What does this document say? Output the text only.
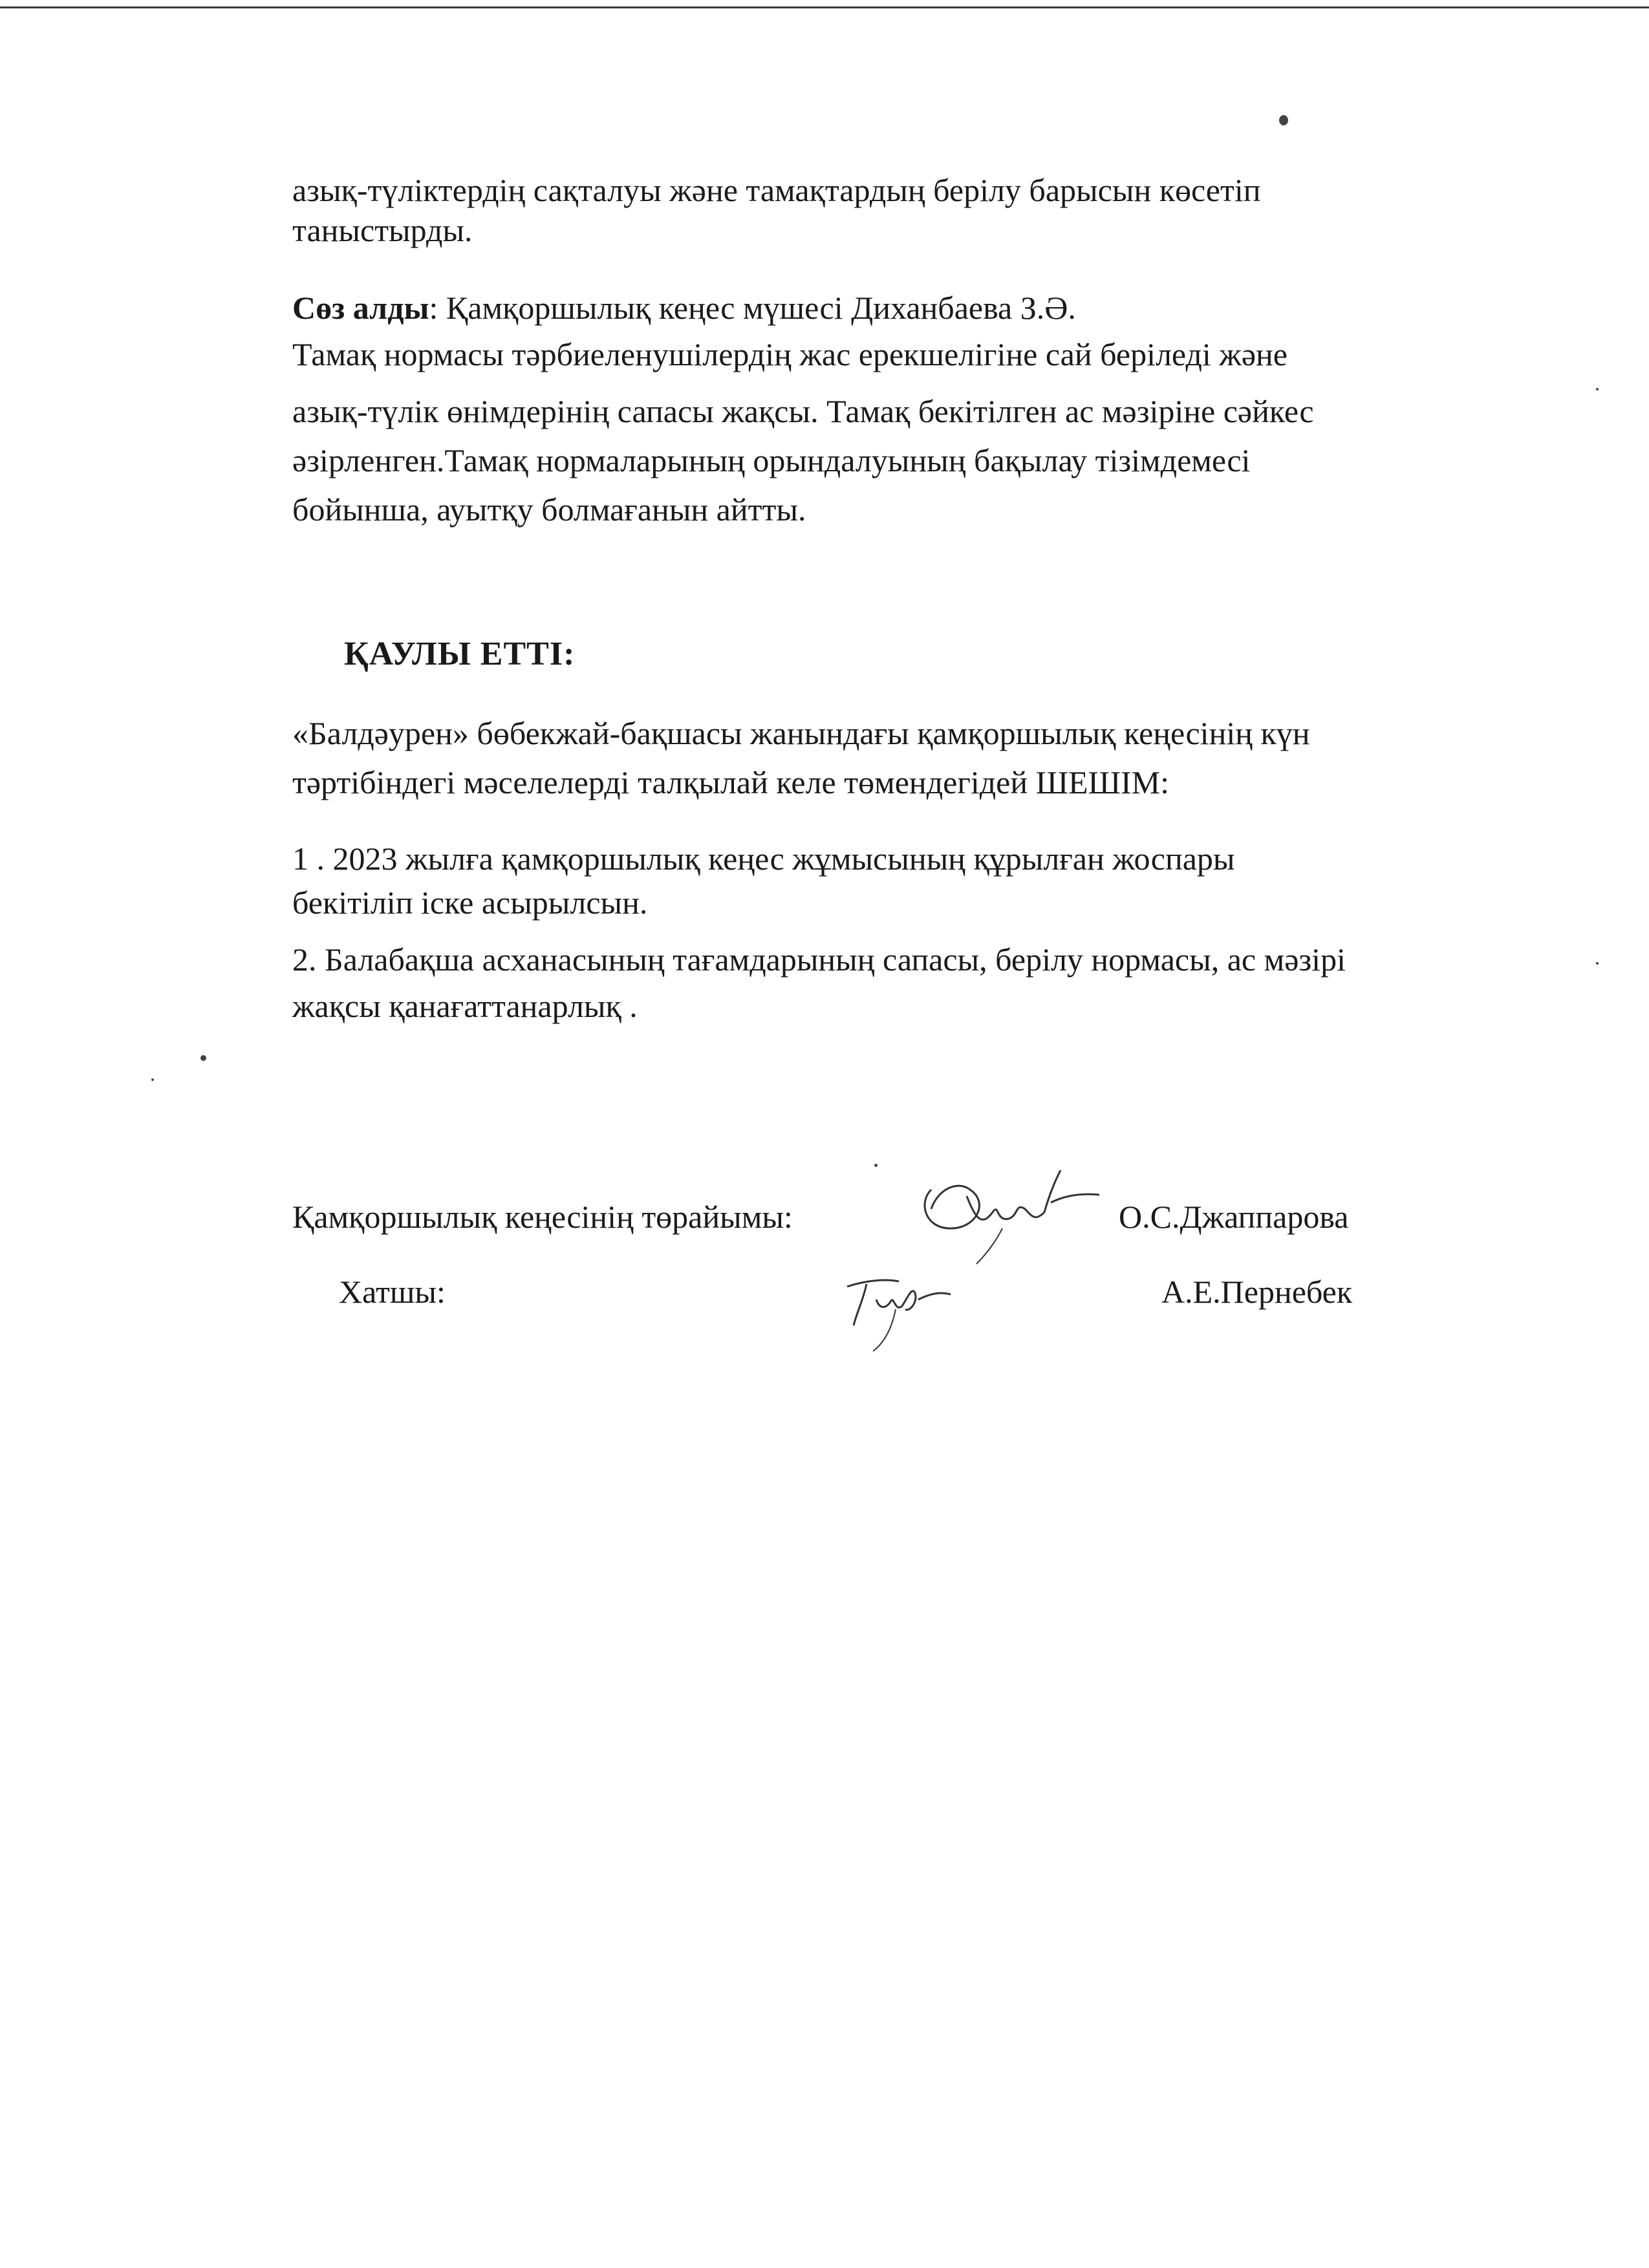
азық-түліктердің сақталуы және тамақтардың берілу барысын көсетіп

таныстырды.

Сөз алды: Қамқоршылық кеңес мүшесі Диханбаева З.Ә.

Тамақ нормасы тәрбиеленушілердің жас ерекшелігіне сай беріледі және

азық-түлік өнімдерінің сапасы жақсы. Тамақ бекітілген ас мәзіріне сәйкес

әзірленген.Тамақ нормаларының орындалуының бақылау тізімдемесі

бойынша, ауытқу болмағанын айтты.

ҚАУЛЫ ЕТТІ:

«Балдәурен» бөбекжай-бақшасы жанындағы қамқоршылық кеңесінің күн

тәртібіндегі мәселелерді талқылай келе төмендегідей ШЕШІМ:

1 . 2023 жылға қамқоршылық кеңес жұмысының құрылған жоспары

бекітіліп іске асырылсын.

2. Балабақша асханасының тағамдарының сапасы, берілу нормасы, ас мәзірі

жақсы қанағаттанарлық .

Қамқоршылық кеңесінің төрайымы:	О.С.Джаппарова
Хатшы:	А.Е.Пернебек
